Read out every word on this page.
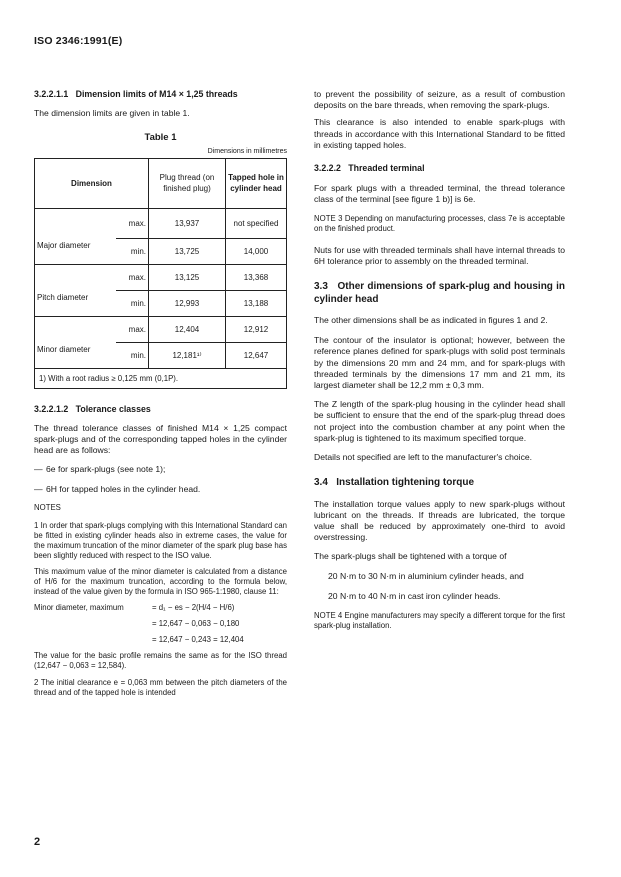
ISO 2346:1991(E)

3.2.2.1.1 Dimension limits of M14 × 1,25 threads

The dimension limits are given in table 1.

Table 1

Dimensions in millimetres

Dimension		Plug thread (on finished plug)	Tapped hole in cylinder head
Major diameter	max.	13,937	not specified
	min.	13,725	14,000
Pitch diameter	max.	13,125	13,368
	min.	12,993	13,188
Minor diameter	max.	12,404	12,912
	min.	12,181¹⁾	12,647
1) With a root radius ≥ 0,125 mm (0,1P).			

3.2.2.1.2 Tolerance classes

The thread tolerance classes of finished M14 × 1,25 compact spark-plugs and of the corresponding tapped holes in the cylinder head are as follows:

— 6e for spark-plugs (see note 1);

— 6H for tapped holes in the cylinder head.

NOTES

1 In order that spark-plugs complying with this International Standard can be fitted in existing cylinder heads also in extreme cases, the value for the maximum truncation of the minor diameter of the spark plug base has been slightly reduced with respect to the ISO value.

This maximum value of the minor diameter is calculated from a distance of H/6 for the maximum truncation, according to the formula below, instead of the value given by the formula in ISO 965-1:1980, clause 11:

Minor diameter, maximum	= d₁ − es − 2(H/4 − H/6)
= 12,647 − 0,063 − 0,180
= 12,647 − 0,243 = 12,404

The value for the basic profile remains the same as for the ISO thread (12,647 − 0,063 = 12,584).

2 The initial clearance e = 0,063 mm between the pitch diameters of the thread and of the tapped hole is intended

to prevent the possibility of seizure, as a result of combustion deposits on the bare threads, when removing the spark-plugs.

This clearance is also intended to enable spark-plugs with threads in accordance with this International Standard to be fitted in existing tapped holes.

3.2.2.2 Threaded terminal

For spark plugs with a threaded terminal, the thread tolerance class of the terminal [see figure 1 b)] is 6e.

NOTE 3 Depending on manufacturing processes, class 7e is acceptable on the finished product.

Nuts for use with threaded terminals shall have internal threads to 6H tolerance prior to assembly on the threaded terminal.

3.3 Other dimensions of spark-plug and housing in cylinder head

The other dimensions shall be as indicated in figures 1 and 2.

The contour of the insulator is optional; however, between the reference planes defined for spark-plugs with solid post terminals by the dimensions 20 mm and 24 mm, and for spark-plugs with threaded terminals by the dimensions 17 mm and 21 mm, its largest diameter shall be 12,2 mm ± 0,3 mm.

The Z length of the spark-plug housing in the cylinder head shall be sufficient to ensure that the end of the spark-plug thread does not project into the combustion chamber at any point when the spark-plug is tightened to its maximum specified torque.

Details not specified are left to the manufacturer's choice.

3.4 Installation tightening torque

The installation torque values apply to new spark-plugs without lubricant on the threads. If threads are lubricated, the torque value shall be reduced by approximately one-third to avoid overstressing.

The spark-plugs shall be tightened with a torque of

20 N·m to 30 N·m in aluminium cylinder heads, and

20 N·m to 40 N·m in cast iron cylinder heads.

NOTE 4 Engine manufacturers may specify a different torque for the first spark-plug installation.

2
